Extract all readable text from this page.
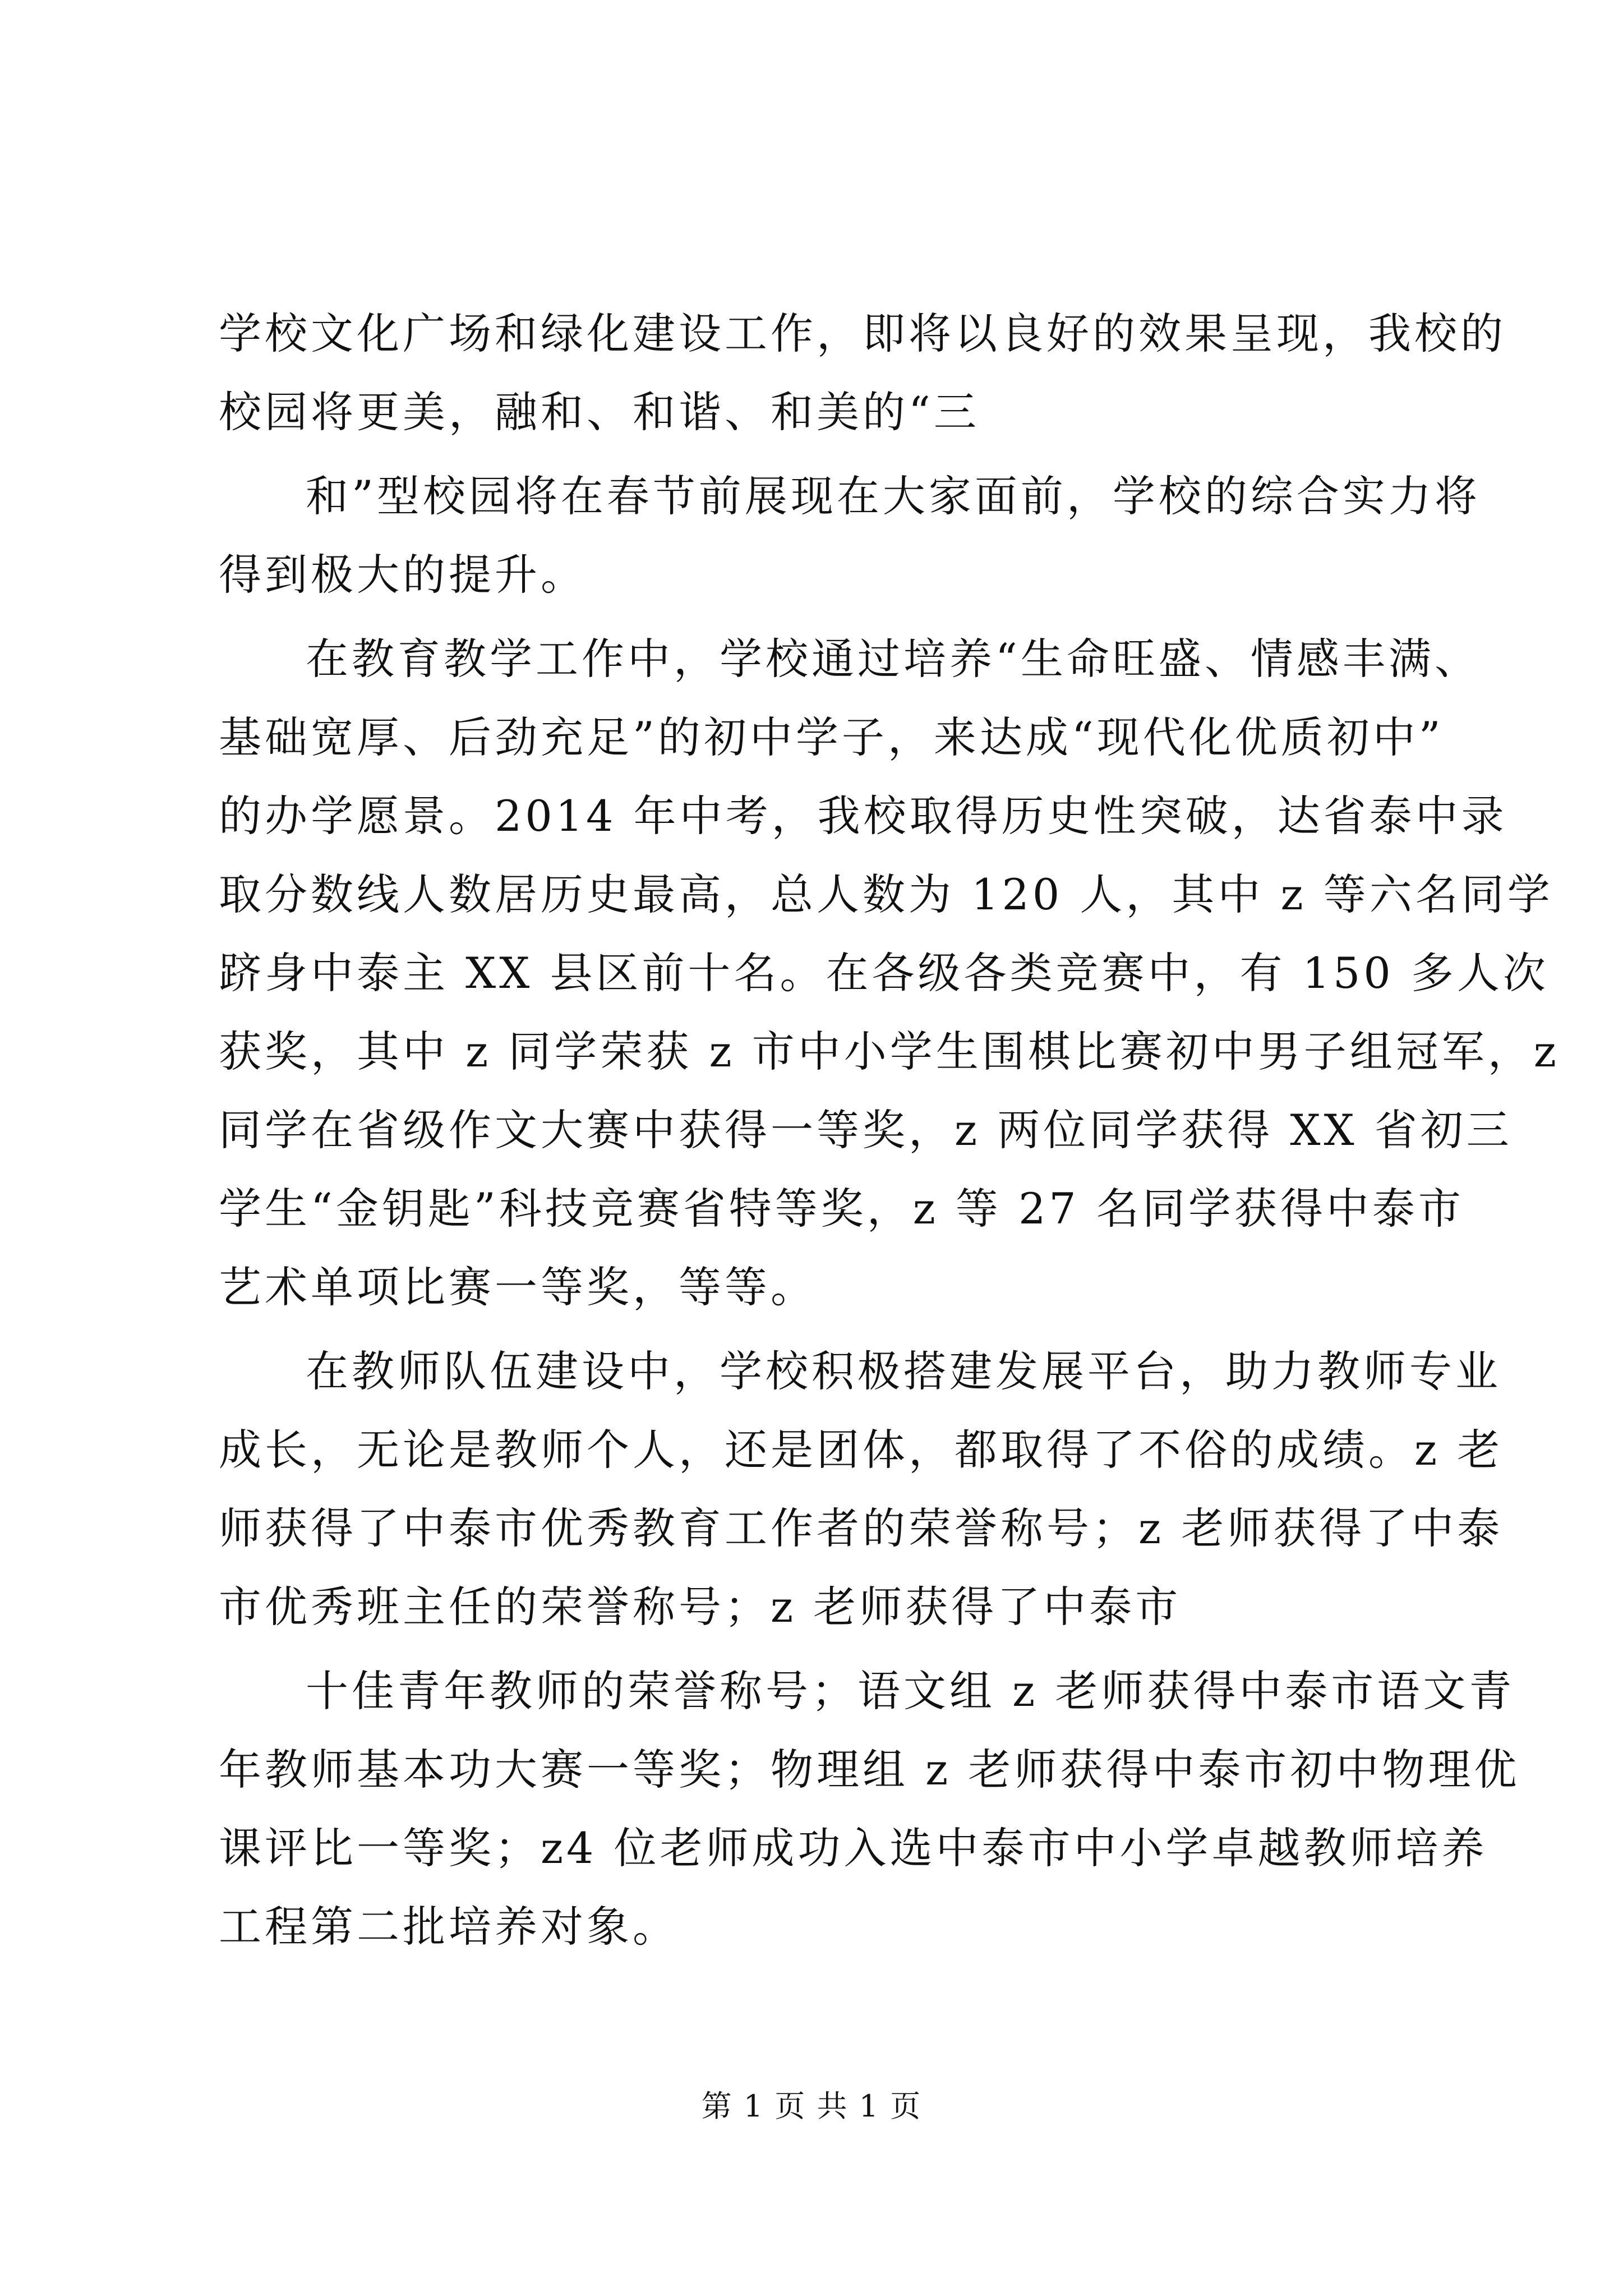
学校文化广场和绿化建设工作，即将以良好的效果呈现，我校的
校园将更美，融和、和谐、和美的“三
和”型校园将在春节前展现在大家面前，学校的综合实力将
得到极大的提升。
在教育教学工作中，学校通过培养“生命旺盛、情感丰满、
基础宽厚、后劲充足”的初中学子，来达成“现代化优质初中”
的办学愿景。2014 年中考，我校取得历史性突破，达省泰中录
取分数线人数居历史最高，总人数为 120 人，其中 z 等六名同学
跻身中泰主 XX 县区前十名。在各级各类竞赛中，有 150 多人次
获奖，其中 z 同学荣获 z 市中小学生围棋比赛初中男子组冠军，z
同学在省级作文大赛中获得一等奖，z 两位同学获得 XX 省初三
学生“金钥匙”科技竞赛省特等奖，z 等 27 名同学获得中泰市
艺术单项比赛一等奖，等等。
在教师队伍建设中，学校积极搭建发展平台，助力教师专业
成长，无论是教师个人，还是团体，都取得了不俗的成绩。z 老
师获得了中泰市优秀教育工作者的荣誉称号；z 老师获得了中泰
市优秀班主任的荣誉称号；z 老师获得了中泰市
十佳青年教师的荣誉称号；语文组 z 老师获得中泰市语文青
年教师基本功大赛一等奖；物理组 z 老师获得中泰市初中物理优
课评比一等奖；z4 位老师成功入选中泰市中小学卓越教师培养
工程第二批培养对象。
第 1 页 共 1 页
